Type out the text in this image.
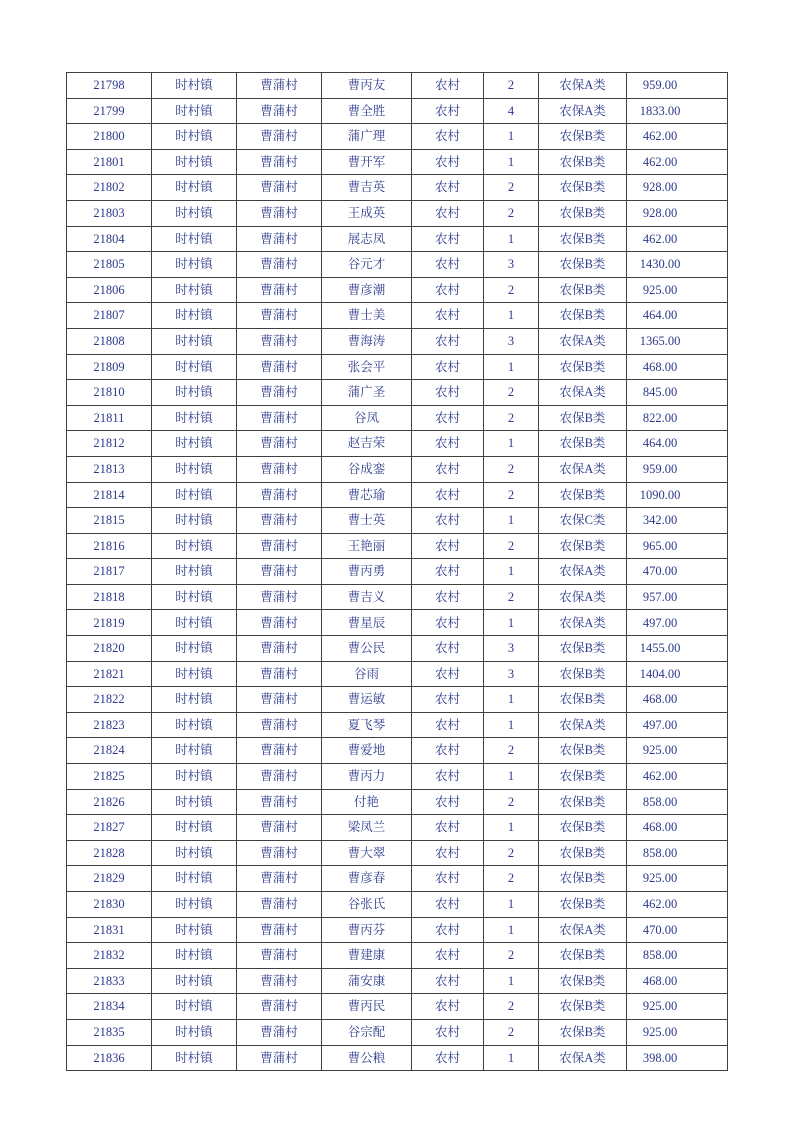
21798	时村镇	曹蒲村	曹丙友	农村	2	农保A类	959.00
21799	时村镇	曹蒲村	曹全胜	农村	4	农保A类	1833.00
21800	时村镇	曹蒲村	蒲广理	农村	1	农保B类	462.00
21801	时村镇	曹蒲村	曹开军	农村	1	农保B类	462.00
21802	时村镇	曹蒲村	曹吉英	农村	2	农保B类	928.00
21803	时村镇	曹蒲村	王成英	农村	2	农保B类	928.00
21804	时村镇	曹蒲村	展志凤	农村	1	农保B类	462.00
21805	时村镇	曹蒲村	谷元才	农村	3	农保B类	1430.00
21806	时村镇	曹蒲村	曹彦潮	农村	2	农保B类	925.00
21807	时村镇	曹蒲村	曹士美	农村	1	农保B类	464.00
21808	时村镇	曹蒲村	曹海涛	农村	3	农保A类	1365.00
21809	时村镇	曹蒲村	张会平	农村	1	农保B类	468.00
21810	时村镇	曹蒲村	蒲广圣	农村	2	农保A类	845.00
21811	时村镇	曹蒲村	谷凤	农村	2	农保B类	822.00
21812	时村镇	曹蒲村	赵吉荣	农村	1	农保B类	464.00
21813	时村镇	曹蒲村	谷成銮	农村	2	农保A类	959.00
21814	时村镇	曹蒲村	曹芯瑜	农村	2	农保B类	1090.00
21815	时村镇	曹蒲村	曹士英	农村	1	农保C类	342.00
21816	时村镇	曹蒲村	王艳丽	农村	2	农保B类	965.00
21817	时村镇	曹蒲村	曹丙勇	农村	1	农保A类	470.00
21818	时村镇	曹蒲村	曹吉义	农村	2	农保A类	957.00
21819	时村镇	曹蒲村	曹星辰	农村	1	农保A类	497.00
21820	时村镇	曹蒲村	曹公民	农村	3	农保B类	1455.00
21821	时村镇	曹蒲村	谷雨	农村	3	农保B类	1404.00
21822	时村镇	曹蒲村	曹运敏	农村	1	农保B类	468.00
21823	时村镇	曹蒲村	夏飞琴	农村	1	农保A类	497.00
21824	时村镇	曹蒲村	曹爱地	农村	2	农保B类	925.00
21825	时村镇	曹蒲村	曹丙力	农村	1	农保B类	462.00
21826	时村镇	曹蒲村	付艳	农村	2	农保B类	858.00
21827	时村镇	曹蒲村	梁凤兰	农村	1	农保B类	468.00
21828	时村镇	曹蒲村	曹大翠	农村	2	农保B类	858.00
21829	时村镇	曹蒲村	曹彦春	农村	2	农保B类	925.00
21830	时村镇	曹蒲村	谷张氏	农村	1	农保B类	462.00
21831	时村镇	曹蒲村	曹丙芬	农村	1	农保A类	470.00
21832	时村镇	曹蒲村	曹建康	农村	2	农保B类	858.00
21833	时村镇	曹蒲村	蒲安康	农村	1	农保B类	468.00
21834	时村镇	曹蒲村	曹丙民	农村	2	农保B类	925.00
21835	时村镇	曹蒲村	谷宗配	农村	2	农保B类	925.00
21836	时村镇	曹蒲村	曹公粮	农村	1	农保A类	398.00
